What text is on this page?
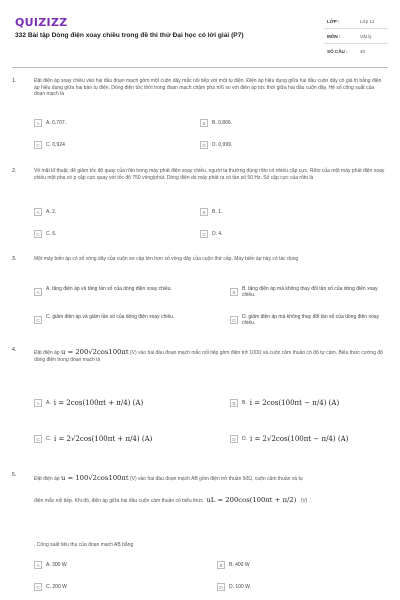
QUIZIZZ
332 Bài tập Dòng điện xoay chiều trong đề thi thử Đại học có lời giải (P7)
LỚP :	Lớp 12
MÔN :	Vật lý
SỐ CÂU :	40
1.	Đặt điện áp xoay chiều vào hai đầu đoạn mạch gồm một cuộn dây mắc nối tiếp với một tụ điện. Điện áp hiệu dụng giữa hai đầu cuộn dây có giá trị bằng điện áp hiệu dụng giữa hai bản tụ điện. Dòng điện tức thời trong đoạn mạch chậm pha π/6 so với điện áp tức thời giữa hai đầu cuộn dây. Hệ số công suất của đoạn mạch là
A	A. 0,707.	B	B. 0,866.
C	C. 0,924	D	D. 0,999.
2.	Về mặt kĩ thuật, để giảm tốc độ quay của rôto trong máy phát điện xoay chiều, người ta thường dùng rôto có nhiều cặp cực. Rôto của một máy phát điện xoay chiều một pha có p cặp cực quay với tốc độ 750 vòng/phút. Dòng điện do máy phát ra có tần số 50 Hz. Số cặp cực của rôto là
A	A. 2.	B	B. 1.
C	C. 6.	D	D. 4.
3.	Một máy biến áp có số vòng dây của cuộn sơ cấp lớn hơn số vòng dây của cuộn thứ cấp. Máy biến áp này có tác dụng
A	A. tăng điện áp và tăng tần số của dòng điện xoay chiều.	B	B. tăng điện áp mà không thay đổi tần số của dòng điện xoay chiều.
C	C. giảm điện áp và giảm tần số của dòng điện xoay chiều.	D	D. giảm điện áp mà không thay đổi tần số của dòng điện xoay chiều.
4.	Đặt điện áp u = 200√2cos100πt (V) vào hai đầu đoạn mạch mắc nối tiếp gồm điện trở 100Ω và cuộn cảm thuần có độ tự cảm. Biểu thức cường độ dòng điện trong đoạn mạch là
A	A. i = 2cos(100πt + π/4) (A)	B	B. i = 2cos(100πt − π/4) (A)
C	C. i = 2√2cos(100πt + π/4) (A)	D	D. i = 2√2cos(100πt − π/4) (A)
5.
Đặt điện áp u = 100√2cos100πt (V) vào hai đầu đoạn mạch AB gồm điện trở thuần 50Ω, cuộn cảm thuần và tụ
điện mắc nối tiếp. Khi đó, điện áp giữa hai đầu cuộn cảm thuần có biểu thức uL = 200cos(100πt + π/2) (V)
. Công suất tiêu thụ của đoạn mạch AB bằng
A	A. 300 W.	B	B. 400 W
C	C. 200 W	D	D. 100 W.
